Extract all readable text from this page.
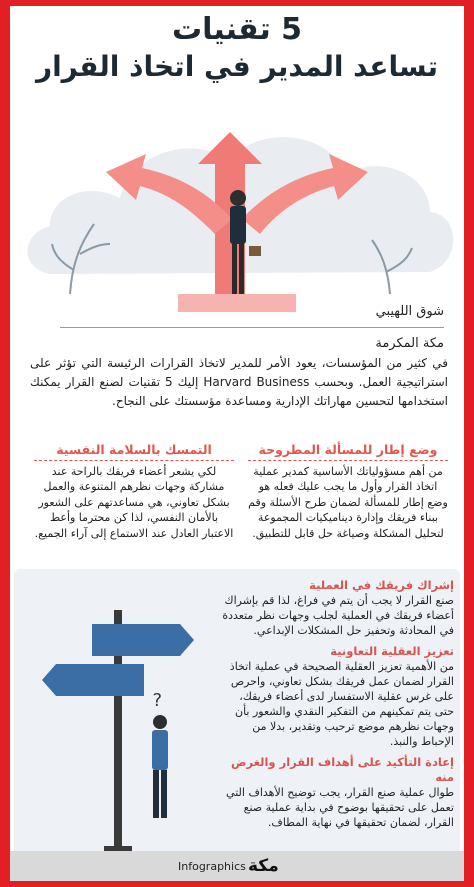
5 تقنيات
تساعد المدير في اتخاذ القرار
شوق اللهيبي
مكة المكرمة
في كثير من المؤسسات، يعود الأمر للمدير لاتخاذ القرارات الرئيسة التي تؤثر على استراتيجية العمل. وبحسب Harvard Business إليك 5 تقنيات لصنع القرار يمكنك استخدامها لتحسين مهاراتك الإدارية ومساعدة مؤسستك على النجاح.
وضع إطار للمسألة المطروحة
من أهم مسؤولياتك الأساسية كمدير عملية اتخاذ القرار وأول ما يجب عليك فعله هو وضع إطار للمسألة لضمان طرح الأسئلة وقم ببناء فريقك وإدارة ديناميكيات المجموعة لتحليل المشكلة وصياغة حل قابل للتطبيق.
التمسك بالسلامة النفسية
لكي يشعر أعضاء فريقك بالراحة عند مشاركة وجهات نظرهم المتنوعة والعمل بشكل تعاوني، هي مساعدتهم على الشعور بالأمان النفسي، لذا كن محترما وأعط الاعتبار العادل عند الاستماع إلى آراء الجميع.
?
إشراك فريقك في العملية
صنع القرار لا يجب أن يتم في فراغ، لذا قم بإشراك أعضاء فريقك في العملية لجلب وجهات نظر متعددة في المحادثة وتحفيز حل المشكلات الإبداعي.
تعزيز العقلية التعاونية
من الأهمية تعزيز العقلية الصحيحة في عملية اتخاذ القرار لضمان عمل فريقك بشكل تعاوني، واحرص على غرس عقلية الاستفسار لدى أعضاء فريقك، حتى يتم تمكينهم من التفكير النقدي والشعور بأن وجهات نظرهم موضع ترحيب وتقدير، بدلا من الإحباط والنبذ.
إعادة التأكيد على أهداف القرار والغرض منه
طوال عملية صنع القرار، يجب توضيح الأهداف التي تعمل على تحقيقها بوضوح في بداية عملية صنع القرار، لضمان تحقيقها في نهاية المطاف.
Infographics مكة
